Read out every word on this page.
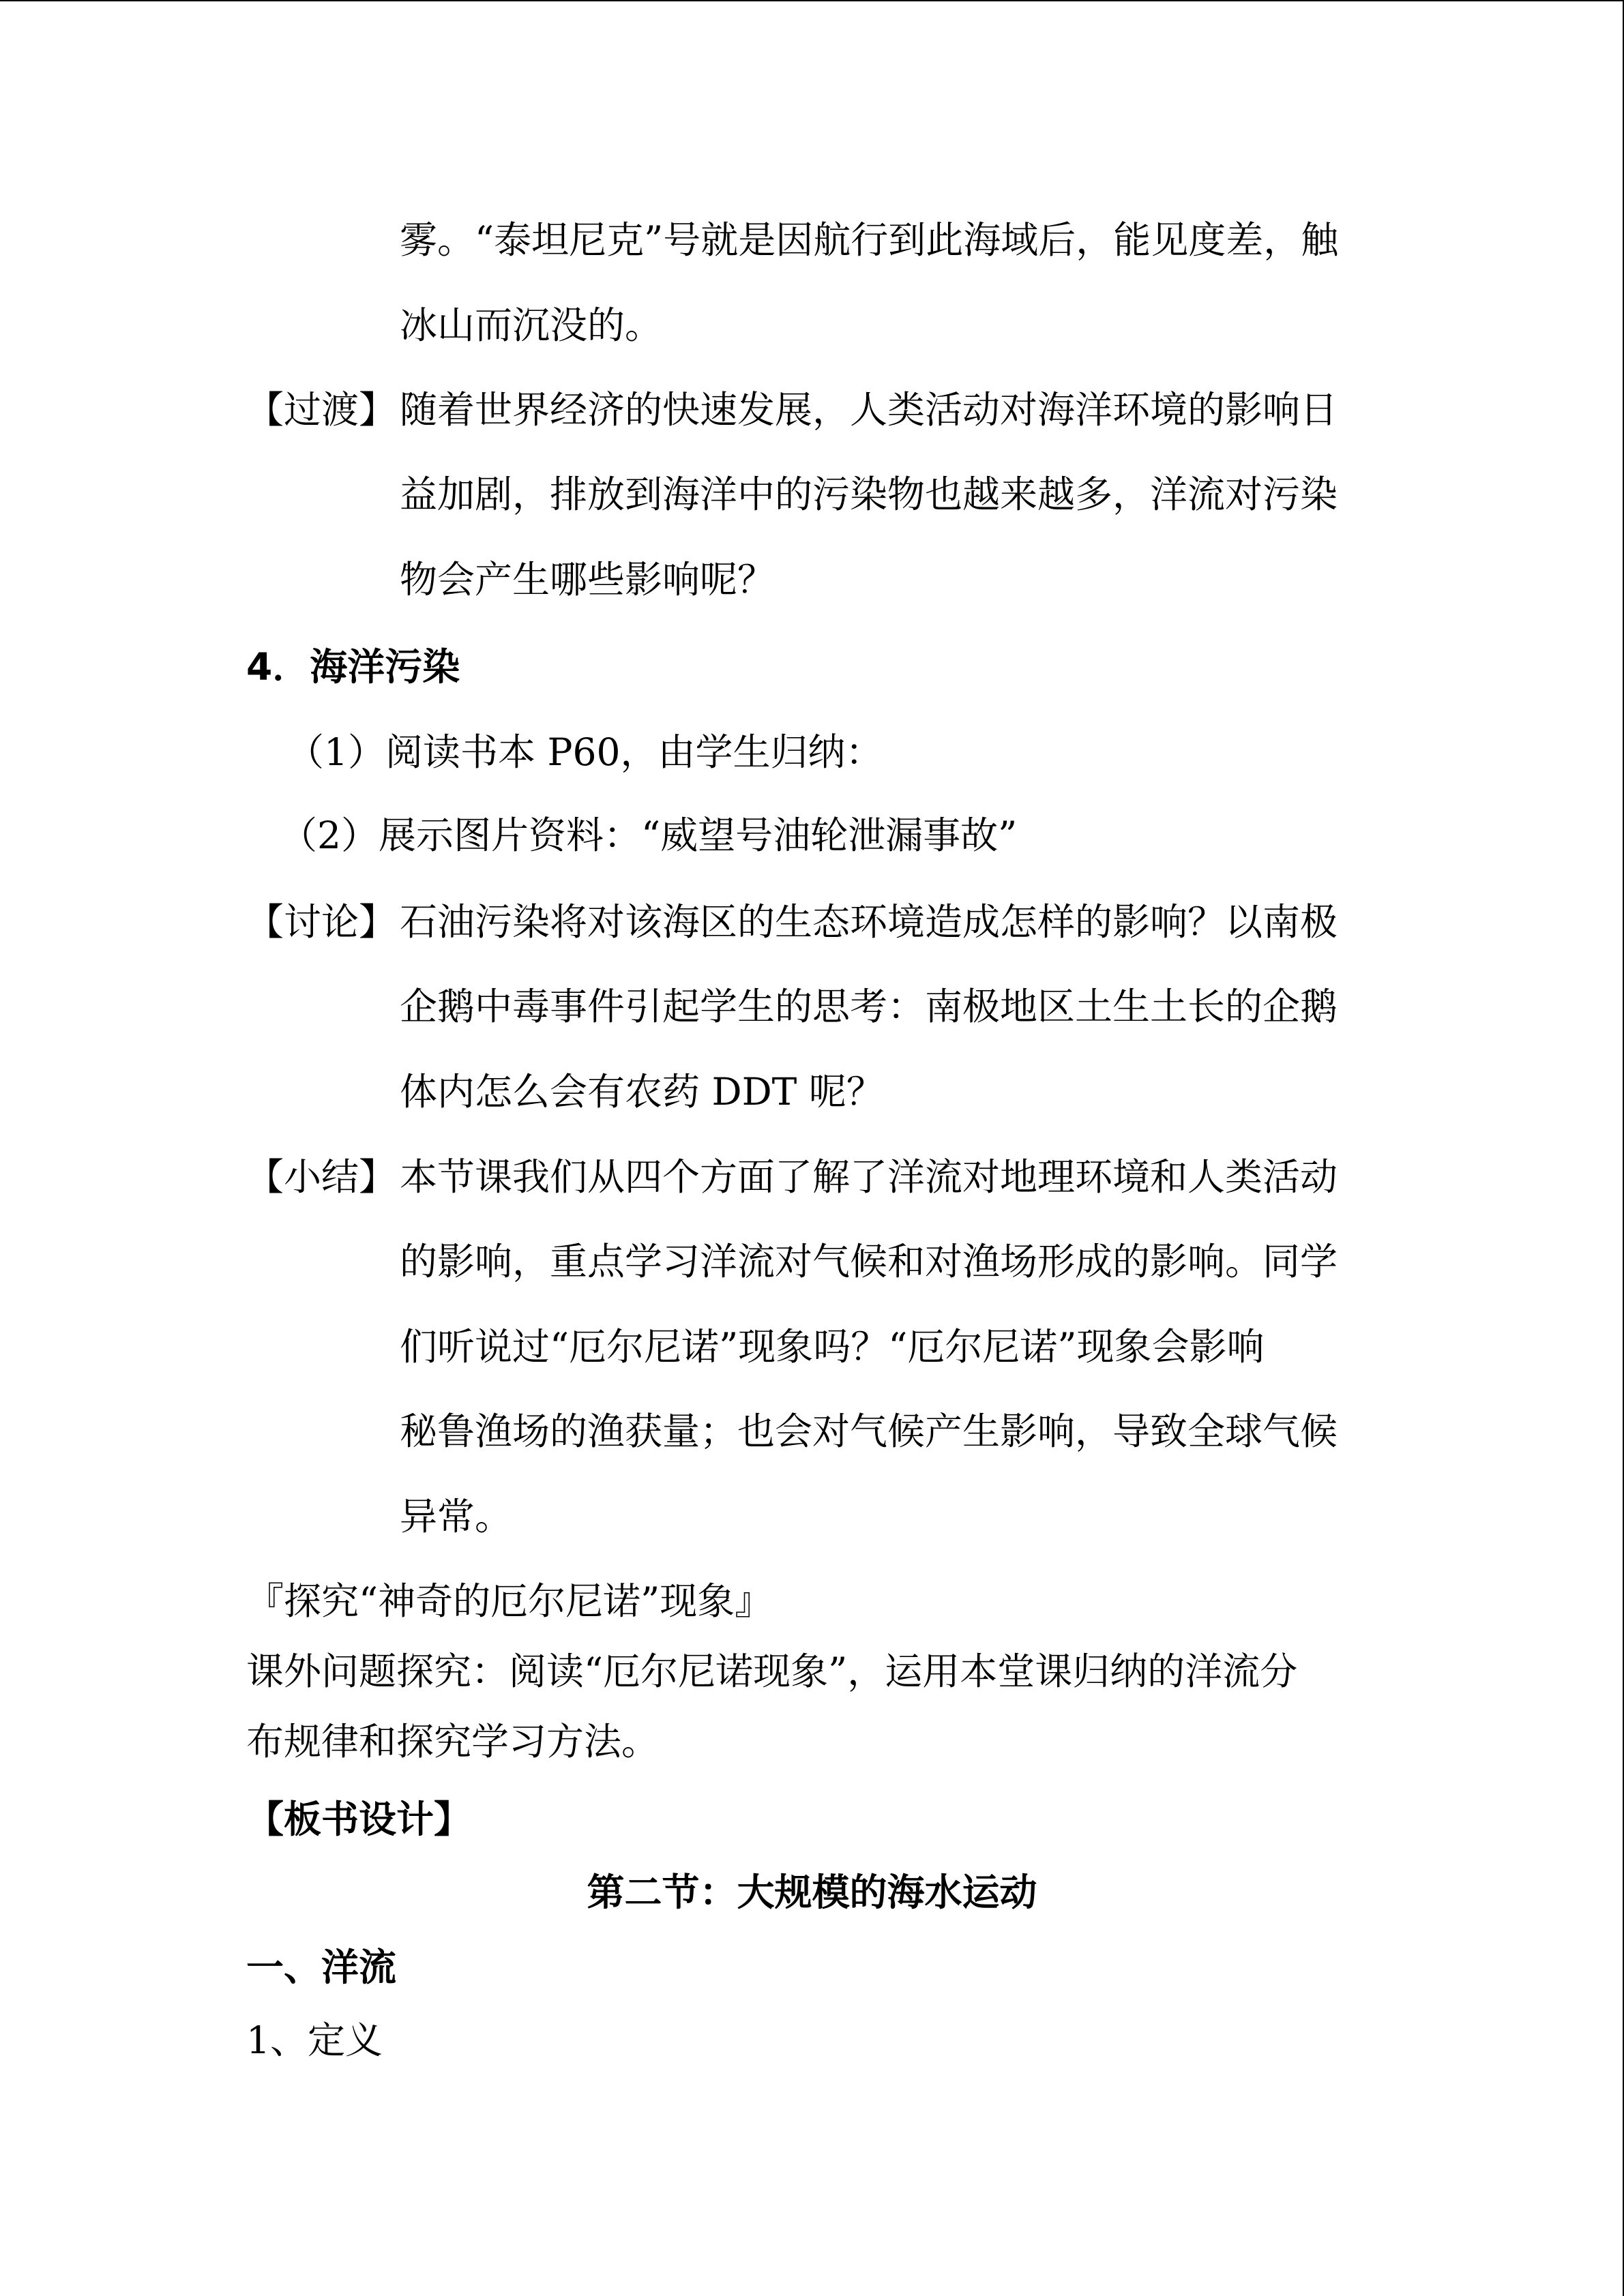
雾。“泰坦尼克”号就是因航行到此海域后，能见度差，触
冰山而沉没的。
【过渡】 随着世界经济的快速发展，人类活动对海洋环境的影响日
益加剧，排放到海洋中的污染物也越来越多，洋流对污染
物会产生哪些影响呢？
4．海洋污染
（1）阅读书本 P60，由学生归纳：
（2）展示图片资料：“威望号油轮泄漏事故”
【讨论】 石油污染将对该海区的生态环境造成怎样的影响？以南极
企鹅中毒事件引起学生的思考：南极地区土生土长的企鹅
体内怎么会有农药 DDT 呢？
【小结】 本节课我们从四个方面了解了洋流对地理环境和人类活动
的影响，重点学习洋流对气候和对渔场形成的影响。同学
们听说过“厄尔尼诺”现象吗？“厄尔尼诺”现象会影响
秘鲁渔场的渔获量；也会对气候产生影响，导致全球气候
异常。
『探究“神奇的厄尔尼诺”现象』
课外问题探究：阅读“厄尔尼诺现象”，运用本堂课归纳的洋流分
布规律和探究学习方法。
【板书设计】
第二节：大规模的海水运动
一、洋流
1、定义
